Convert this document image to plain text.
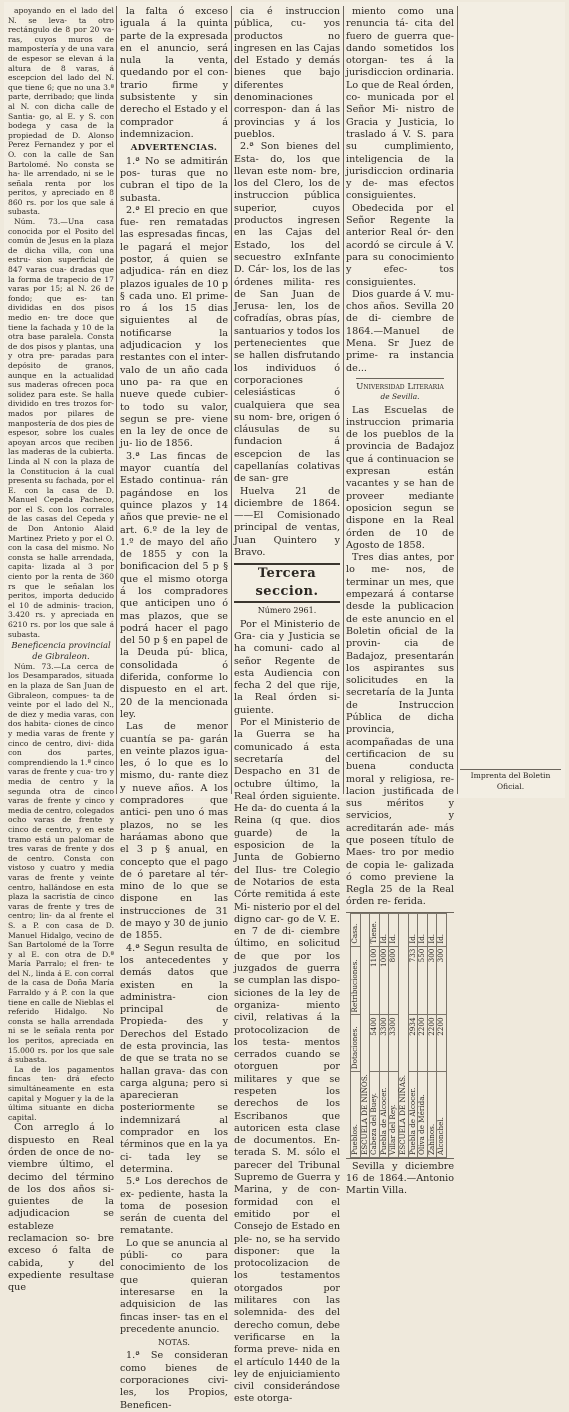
apoyando en el lado del N. se leva- ta otro rectángulo de 8 por 20 va- ras, cuyos muros de mampostería y de una vara de espesor se elevan á la altura de 8 varas, á escepcion del lado del N. que tiene 6; que no una 3.ª parte, derribado; que linda al N. con dicha calle de Santia- go, al E. y S. con bodega y casa de la propiedad de D. Alonso Perez Fernandez y por el O. con la calle de San Bartolomé. No consta se ha- lle arrendado, ni se le señala renta por los peritos, y apreciado en 8 860 rs. por los que sale á subasta.

Núm. 73.—Una casa conocida por el Posito del común de Jesus en la plaza de dicha villa, con una estru- sion superficial de 847 varas cua- dradas que la forma de trapecio de 17 varas por 15; al N. 26 de fondo; que es- tan divididas en dos pisos medio en- tre doce que tiene la fachada y 10 de la otra base paralela. Consta de dos pisos y plantas, una y otra pre- paradas para depósito de granos, aunque en la actualidad sus maderas ofrecen poca solidez para este. Se halla dividido en tres trozos for- mados por pilares de manpostería de dos pies de espesor, sobre los cuales apoyan arcos que reciben las maderas de la cubierta. Linda al N con la plaza de la Constitucion á la cual presenta su fachada, por el E. con la casa de D. Manuel Cepeda Pacheco, por el S. con los corrales de las casas del Cepeda y de Don Antonio Alaid Martinez Prieto y por el O. con la casa del mismo. No consta se halle arrendada, capita- lizada al 3 por ciento por la renta de 360 rs que le señalan los peritos, importa deducido el 10 de adminis- tracion, 3.420 rs. y apreciada en 6210 rs. por los que sale á subasta.

Beneficencia provincial de Gibraleon.

Núm. 73.—La cerca de los Desamparados, situada en la plaza de San Juan de Gibraleon, compues- ta de veinte por el lado del N., de diez y media varas, con dos habita- ciones de cinco y media varas de frente y cinco de centro, divi- dida con dos partes, comprendiendo la 1.ª cinco varas de frente y cua- tro y media de centro y la segunda otra de cinco varas de frente y cinco y media de centro, colegados ocho varas de frente y cinco de centro, y en este tramo está un palomar de tres varas de frente y dos de centro. Consta con vistoso y cuatro y media varas de frente y veinte centro, hallándose en esta plaza la sacristía de cinco varas de frente y tres de centro; lin- da al frente el S. a P. con casa de D. Manuel Hidalgo, vecino de San Bartolomé de la Torre y al E. con otra de D.ª María Parralo; el fren- te del N., linda á E. con corral de la casa de Doña María Farraldo y á P. con la que tiene en calle de Nieblas el referido Hidalgo. No consta se halla arrendada ni se le señala renta por los peritos, apreciada en 15.000 rs. por los que sale á subasta.

La de los pagamentos fincas ten- drá efecto simultáneamente en esta capital y Moguer y la de la última situante en dicha capital.

Con arreglo á lo dispuesto en Real órden de once de no- viembre último, el decimo del término de los dos años si- guientes de la adjudicacion se estableze reclamacion so- bre exceso ó falta de cabida, y del expediente resultase que

la falta ó exceso iguala á la quinta parte de la expresada en el anuncio, será nula la venta, quedando por el con- trario firme y subsistente y sin derecho el Estado y el comprador á indemnizacion.

ADVERTENCIAS.

1.ª No se admitirán pos- turas que no cubran el tipo de la subasta.

2.ª El precio en que fue- ren rematadas las espresadas fincas, le pagará el mejor postor, á quien se adjudica- rán en diez plazos iguales de 10 p § cada uno. El prime- ro á los 15 dias siguientes al de notificarse la adjudicacion y los restantes con el inter- valo de un año cada uno pa- ra que en nueve quede cubier- to todo su valor, segun se pre- viene en la ley de once de ju- lio de 1856.

3.ª Las fincas de mayor cuantía del Estado continua- rán pagándose en los quince plazos y 14 años que previe- ne el art. 6.º de la ley de 1.º de mayo del año de 1855 y con la bonificacion del 5 p § que el mismo otorga á los compradores que anticipen uno ó mas plazos, que se podrá hacer el pago del 50 p § en papel de la Deuda pú- blica, consolidada ó diferida, conforme lo dispuesto en el art. 20 de la mencionada ley.

Las de menor cuantía se pa- garán en veinte plazos igua- les, ó lo que es lo mismo, du- rante diez y nueve años. A los compradores que antici- pen uno ó mas plazos, no se les haráamas abono que el 3 p § anual, en concepto que el pago de ó paretare al tér- mino de lo que se dispone en las instrucciones de 31 de mayo y 30 de junio de 1855.

4.ª Segun resulta de los antecedentes y demás datos que existen en la administra- cion principal de Propieda- des y Derechos del Estado de esta provincia, las de que se trata no se hallan grava- das con carga alguna; pero si aparecieran posteriormente se indemnizará al comprador en los términos que en la ya ci- tada ley se determina.

5.ª Los derechos de ex- pediente, hasta la toma de posesion serán de cuenta del rematante.

Lo que se anuncia al públi- co para conocimiento de los que quieran interesarse en la adquisicion de las fincas inser- tas en el precedente anuncio.

NOTAS.

1.ª Se consideran como bienes de corporaciones civi- les, los Propios, Beneficen-

cia é instruccion pública, cu- yos productos no ingresen en las Cajas del Estado y demás bienes que bajo diferentes denominaciones correspon- dan á las provincias y á los pueblos.

2.ª Son bienes del Esta- do, los que llevan este nom- bre, los del Clero, los de instruccion pública superior, cuyos productos ingresen en las Cajas del Estado, los del secuestro exInfante D. Cár- los, los de las órdenes milita- res de San Juan de Jerusa- len, los de cofradías, obras pías, santuarios y todos los pertenecientes que se hallen disfrutando los individuos ó corporaciones celesiásticas ó cualquiera que sea su nom- bre, origen ó cláusulas de su fundacion á escepcion de las capellanías colativas de san- gre

Huelva 21 de diciembre de 1864.——El Comisionado principal de ventas, Juan Quintero y Bravo.

Tercera seccion.

Número 2961.

Por el Ministerio de Gra- cia y Justicia se ha comuni- cado al señor Regente de esta Audiencia con fecha 2 del que rije, la Real órden si- guiente.

Por el Ministerio de la Guerra se ha comunicado á esta secretaría del Despacho en 31 de octubre último, la Real órden siguiente. He da- do cuenta á la Reina (q que. dios guarde) de la esposicion de la Junta de Gobierno del Ilus- tre Colegio de Notarios de esta Córte remitida á este Mi- nisterio por el del digno car- go de V. E. en 7 de di- ciembre último, en solicitud de que por los juzgados de guerra se cumplan las dispo- siciones de la ley de organiza- miento civil, relativas á la protocolizacion de los testa- mentos cerrados cuando se otorguen por militares y que se respeten los derechos de los Escribanos que autoricen esta clase de documentos. En- terada S. M. sólo el parecer del Tribunal Supremo de Guerra y Marina, y de con- formidad con el emitido por el Consejo de Estado en ple- no, se ha servido disponer: que la protocolizacion de los testamentos otorgados por militares con las solemnida- des del derecho comun, debe verificarse en la forma preve- nida en el artículo 1440 de la ley de enjuiciamiento civil considerándose este otorga-

miento como una renuncia tá- cita del fuero de guerra que- dando sometidos los otorgan- tes á la jurisdiccion ordinaria. Lo que de Real órden, co- municada por el Señor Mi- nistro de Gracia y Justicia, lo traslado á V. S. para su cumplimiento, inteligencia de la jurisdiccion ordinaria y de- mas efectos consiguientes.

Obedecida por el Señor Regente la anterior Real ór- den acordó se circule á V. para su conocimiento y efec- tos consiguientes.

Dios guarde á V. mu- chos años. Sevilla 20 de di- ciembre de 1864.—Manuel de Mena. Sr Juez de prime- ra instancia de...

Universidad Literaria

de Sevilla.

Las Escuelas de instruccion primaria de los pueblos de la provincia de Badajoz que á continuacion se expresan están vacantes y se han de proveer mediante oposicion segun se dispone en la Real órden de 10 de Agosto de 1858.

Tres dias antes, por lo me- nos, de terminar un mes, que empezará á contarse desde la publicacion de este anuncio en el Boletin oficial de la provin- cia de Badajoz, presentarán los aspirantes sus solicitudes en la secretaría de la Junta de Instruccion Pública de dicha provincia, acompañadas de una certificacion de su buena conducta moral y religiosa, re- lacion justificada de sus méritos y servicios, y acreditarán ade- más que poseen título de Maes- tro por medio de copia le- galizada ó como previene la Regla 25 de la Real órden re- ferida.

Pueblos.	Dotaciones.	Retribuciones.	Casa.
ESCUELA DE NIÑOS.			
Cabeza del Buey.	5400	1100	Tiene.
Puebla de Alcocer.	3300	1000	Id.
Villar del Rey.	3300	800	Id.
ESCUELA DE NIÑAS.			
Puebla de Alcocer.	2934	733	Id.
Oliva de Mérida.	2200	550	Id.
Zahinos.	2200	300	Id.
Alconchel.	2200	300	Id.

Sevilla y diciembre 16 de 1864.—Antonio Martin Villa.

Imprenta del Boletin Oficial.
